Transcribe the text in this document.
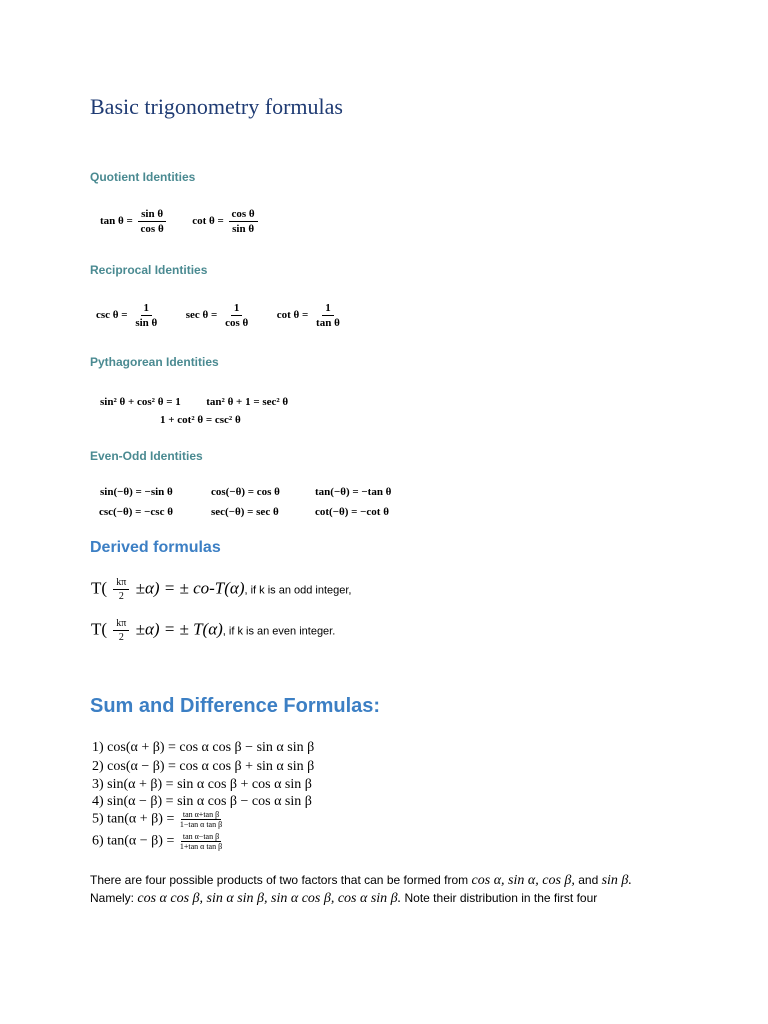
Basic trigonometry formulas
Quotient Identities
$\tan \theta = \frac{\text{sin θ}}{\text{cos θ}}$ $\cot \theta = \frac{\text{cos θ}}{\text{sin θ}}$
Reciprocal Identities
$\csc \theta = \frac{1}{\text{sin θ}}$ $\sec \theta = \frac{1}{\text{cos θ}}$ $\cot \theta = \frac{1}{\text{tan θ}}$
Pythagorean Identities
sin² θ + cos² θ = 1 tan² θ + 1 = sec² θ
1 + cot² θ = csc² θ
Even-Odd Identities
sin(−θ) = −sin θ	cos(−θ) = cos θ	tan(−θ) = −tan θ
csc(−θ) = −csc θ	sec(−θ) = sec θ	cot(−θ) = −cot θ
Derived formulas
$T( \frac{k\pi}{2} \pm\alpha)$ = ± co-T(α), if k is an odd integer,
$T( \frac{k\pi}{2} \pm\alpha)$ = ± T(α), if k is an even integer.
Sum and Difference Formulas:
1) cos(α + β) = cos α cos β − sin α sin β
2) cos(α − β) = cos α cos β + sin α sin β
3) sin(α + β) = sin α cos β + cos α sin β
4) sin(α − β) = sin α cos β − cos α sin β
5) $\tan(\alpha + \beta) = \frac{\text{tan α+tan β}}{\text{1−tan α tan β}}$
6) $\tan(\alpha - \beta) = \frac{\text{tan α−tan β}}{\text{1+tan α tan β}}$
There are four possible products of two factors that can be formed from cos α, sin α, cos β, and sin β.
Namely: cos α cos β, sin α sin β, sin α cos β, cos α sin β. Note their distribution in the first four
